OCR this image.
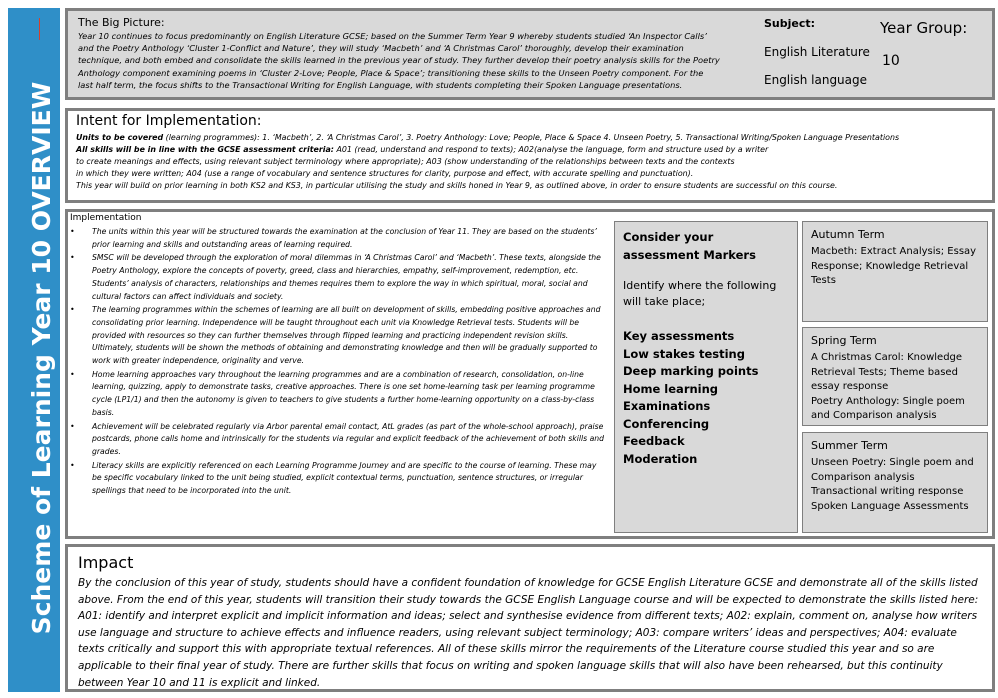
Scheme of Learning Year 10 OVERVIEW
The Big Picture:
Year 10 continues to focus predominantly on English Literature GCSE; based on the Summer Term Year 9 whereby students studied ‘An Inspector Calls’
and the Poetry Anthology ‘Cluster 1-Conflict and Nature’, they will study ‘Macbeth’ and ‘A Christmas Carol’ thoroughly, develop their examination
technique, and both embed and consolidate the skills learned in the previous year of study. They further develop their poetry analysis skills for the Poetry
Anthology component examining poems in ‘Cluster 2-Love; People, Place & Space’; transitioning these skills to the Unseen Poetry component. For the
last half term, the focus shifts to the Transactional Writing for English Language, with students completing their Spoken Language presentations.
Subject:
English Literature
English language
Year Group:
10
Intent for Implementation:
Units to be covered (learning programmes): 1. ‘Macbeth’, 2. ‘A Christmas Carol’, 3. Poetry Anthology: Love; People, Place & Space 4. Unseen Poetry, 5. Transactional Writing/Spoken Language Presentations
All skills will be in line with the GCSE assessment criteria: A01 (read, understand and respond to texts); A02(analyse the language, form and structure used by a writer
to create meanings and effects, using relevant subject terminology where appropriate); A03 (show understanding of the relationships between texts and the contexts
in which they were written; A04 (use a range of vocabulary and sentence structures for clarity, purpose and effect, with accurate spelling and punctuation).
This year will build on prior learning in both KS2 and KS3, in particular utilising the study and skills honed in Year 9, as outlined above, in order to ensure students are successful on this course.
Implementation
• The units within this year will be structured towards the examination at the conclusion of Year 11. They are based on the students’ prior learning and skills and outstanding areas of learning required.
• SMSC will be developed through the exploration of moral dilemmas in ‘A Christmas Carol’ and ‘Macbeth’. These texts, alongside the Poetry Anthology, explore the concepts of poverty, greed, class and hierarchies, empathy, self-improvement, redemption, etc. Students’ analysis of characters, relationships and themes requires them to explore the way in which spiritual, moral, social and cultural factors can affect individuals and society.
• The learning programmes within the schemes of learning are all built on development of skills, embedding positive approaches and consolidating prior learning. Independence will be taught throughout each unit via Knowledge Retrieval tests. Students will be provided with resources so they can further themselves through flipped learning and practicing independent revision skills. Ultimately, students will be shown the methods of obtaining and demonstrating knowledge and then will be gradually supported to work with greater independence, originality and verve.
• Home learning approaches vary throughout the learning programmes and are a combination of research, consolidation, on-line learning, quizzing, apply to demonstrate tasks, creative approaches. There is one set home-learning task per learning programme cycle (LP1/1) and then the autonomy is given to teachers to give students a further home-learning opportunity on a class-by-class basis.
• Achievement will be celebrated regularly via Arbor parental email contact, AtL grades (as part of the whole-school approach), praise postcards, phone calls home and intrinsically for the students via regular and explicit feedback of the achievement of both skills and grades.
• Literacy skills are explicitly referenced on each Learning Programme Journey and are specific to the course of learning. These may be specific vocabulary linked to the unit being studied, explicit contextual terms, punctuation, sentence structures, or irregular spellings that need to be incorporated into the unit.
Consider your assessment Markers
Identify where the following will take place;
Key assessments
Low stakes testing
Deep marking points
Home learning
Examinations
Conferencing
Feedback
Moderation
Autumn Term
Macbeth: Extract Analysis; Essay Response; Knowledge Retrieval Tests
Spring Term
A Christmas Carol: Knowledge Retrieval Tests; Theme based essay response
Poetry Anthology: Single poem and Comparison analysis
Summer Term
Unseen Poetry: Single poem and Comparison analysis
Transactional writing response
Spoken Language Assessments
Impact
By the conclusion of this year of study, students should have a confident foundation of knowledge for GCSE English Literature GCSE and demonstrate all of the skills listed above. From the end of this year, students will transition their study towards the GCSE English Language course and will be expected to demonstrate the skills listed here: A01: identify and interpret explicit and implicit information and ideas; select and synthesise evidence from different texts; A02: explain, comment on, analyse how writers use language and structure to achieve effects and influence readers, using relevant subject terminology; A03: compare writers’ ideas and perspectives; A04: evaluate texts critically and support this with appropriate textual references. All of these skills mirror the requirements of the Literature course studied this year and so are applicable to their final year of study. There are further skills that focus on writing and spoken language skills that will also have been rehearsed, but this continuity between Year 10 and 11 is explicit and linked.
